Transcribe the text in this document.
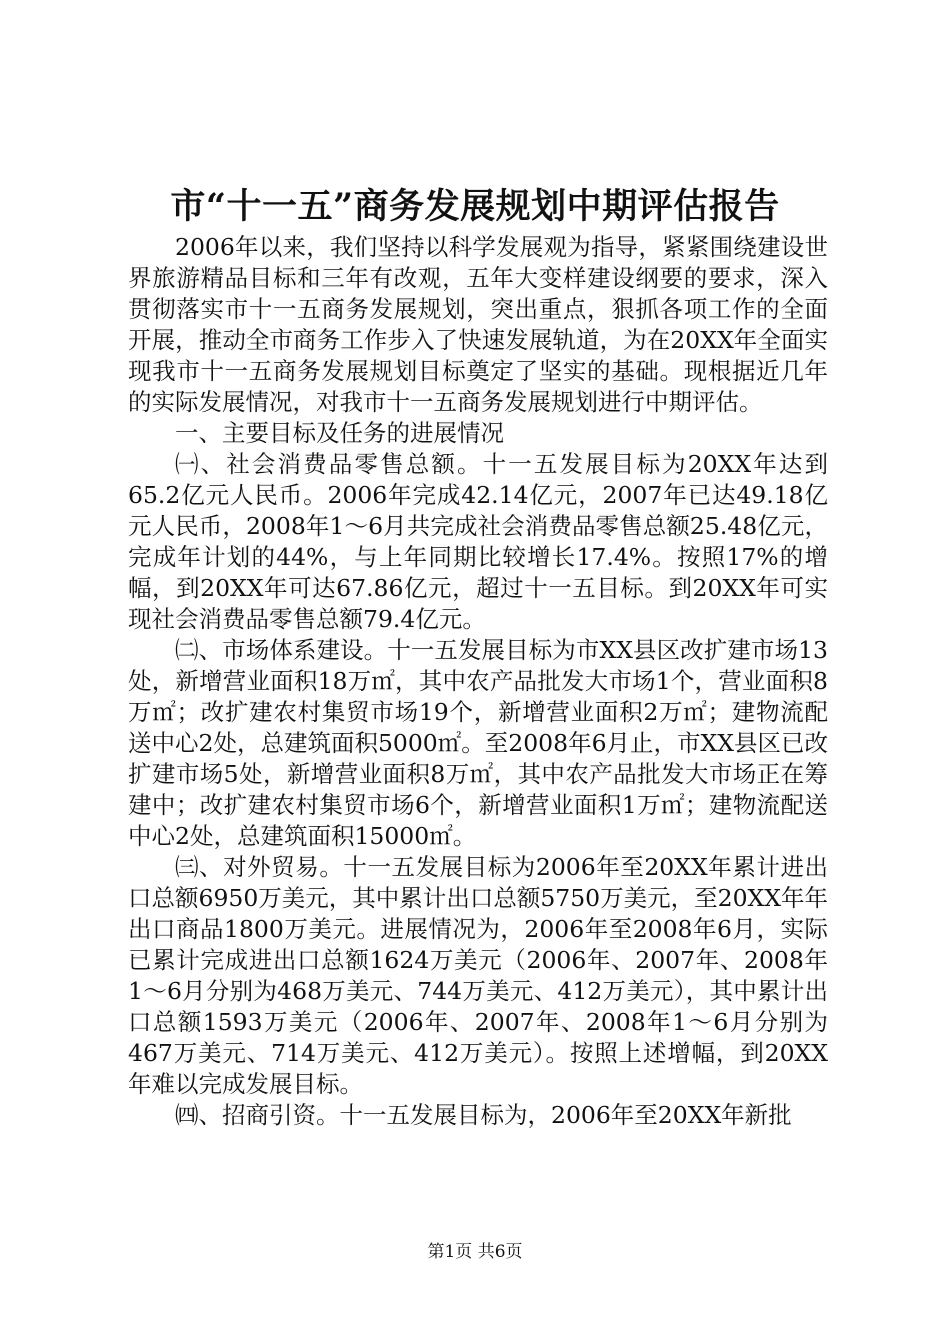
市“十一五”商务发展规划中期评估报告

2006年以来，我们坚持以科学发展观为指导，紧紧围绕建设世界旅游精品目标和三年有改观，五年大变样建设纲要的要求，深入贯彻落实市十一五商务发展规划，突出重点，狠抓各项工作的全面开展，推动全市商务工作步入了快速发展轨道，为在20XX年全面实现我市十一五商务发展规划目标奠定了坚实的基础。现根据近几年的实际发展情况，对我市十一五商务发展规划进行中期评估。

一、主要目标及任务的进展情况

㈠、社会消费品零售总额。十一五发展目标为20XX年达到65.2亿元人民币。2006年完成42.14亿元，2007年已达49.18亿元人民币，2008年1～6月共完成社会消费品零售总额25.48亿元，完成年计划的44%，与上年同期比较增长17.4%。按照17%的增幅，到20XX年可达67.86亿元，超过十一五目标。到20XX年可实现社会消费品零售总额79.4亿元。

㈡、市场体系建设。十一五发展目标为市XX县区改扩建市场13处，新增营业面积18万㎡，其中农产品批发大市场1个，营业面积8万㎡；改扩建农村集贸市场19个，新增营业面积2万㎡；建物流配送中心2处，总建筑面积5000㎡。至2008年6月止，市XX县区已改扩建市场5处，新增营业面积8万㎡，其中农产品批发大市场正在筹建中；改扩建农村集贸市场6个，新增营业面积1万㎡；建物流配送中心2处，总建筑面积15000㎡。

㈢、对外贸易。十一五发展目标为2006年至20XX年累计进出口总额6950万美元，其中累计出口总额5750万美元，至20XX年年出口商品1800万美元。进展情况为，2006年至2008年6月，实际已累计完成进出口总额1624万美元（2006年、2007年、2008年1～6月分别为468万美元、744万美元、412万美元），其中累计出口总额1593万美元（2006年、2007年、2008年1～6月分别为467万美元、714万美元、412万美元）。按照上述增幅，到20XX年难以完成发展目标。

㈣、招商引资。十一五发展目标为，2006年至20XX年新批

第1页 共6页
